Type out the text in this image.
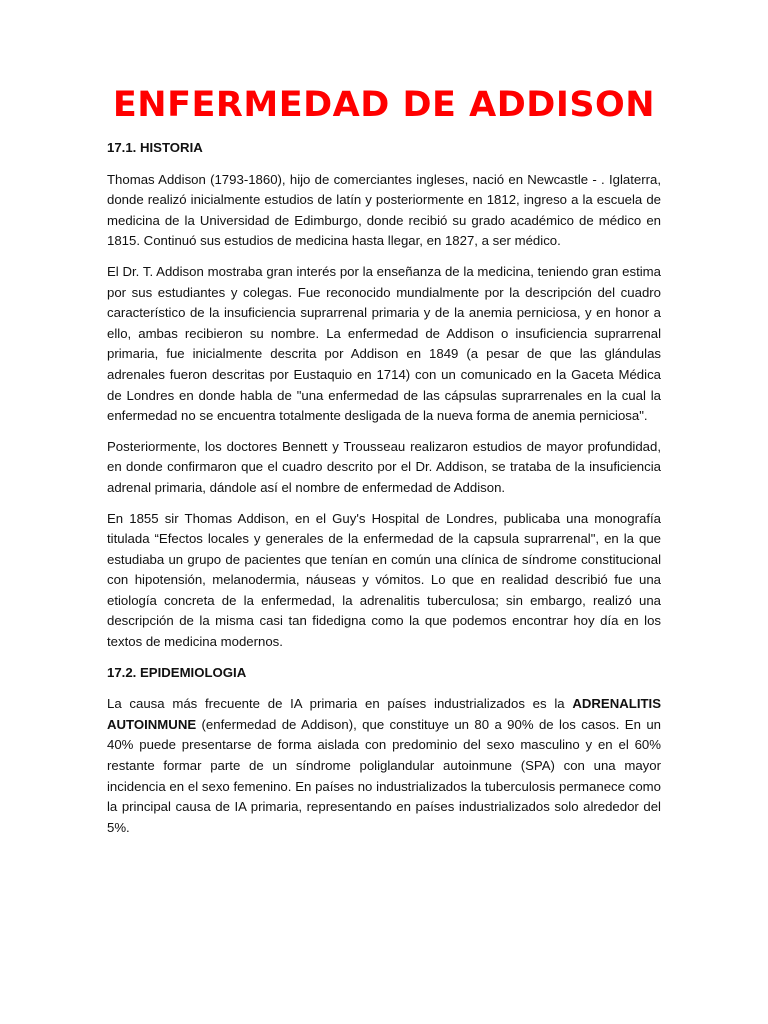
ENFERMEDAD DE ADDISON
17.1. HISTORIA

Thomas Addison (1793-1860), hijo de comerciantes ingleses, nació en Newcastle - . Iglaterra, donde realizó inicialmente estudios de latín y posteriormente en 1812, ingreso a la escuela de medicina de la Universidad de Edimburgo, donde recibió su grado académico de médico en 1815. Continuó sus estudios de medicina hasta llegar, en 1827, a ser médico.

El Dr. T. Addison mostraba gran interés por la enseñanza de la medicina, teniendo gran estima por sus estudiantes y colegas. Fue reconocido mundialmente por la descripción del cuadro característico de la insuficiencia suprarrenal primaria y de la anemia perniciosa, y en honor a ello, ambas recibieron su nombre. La enfermedad de Addison o insuficiencia suprarrenal primaria, fue inicialmente descrita por Addison en 1849 (a pesar de que las glándulas adrenales fueron descritas por Eustaquio en 1714) con un comunicado en la Gaceta Médica de Londres en donde habla de "una enfermedad de las cápsulas suprarrenales en la cual la enfermedad no se encuentra totalmente desligada de la nueva forma de anemia perniciosa".

Posteriormente, los doctores Bennett y Trousseau realizaron estudios de mayor profundidad, en donde confirmaron que el cuadro descrito por el Dr. Addison, se trataba de la insuficiencia adrenal primaria, dándole así el nombre de enfermedad de Addison.

En 1855 sir Thomas Addison, en el Guy's Hospital de Londres, publicaba una monografía titulada “Efectos locales y generales de la enfermedad de la capsula suprarrenal", en la que estudiaba un grupo de pacientes que tenían en común una clínica de síndrome constitucional con hipotensión, melanodermia, náuseas y vómitos. Lo que en realidad describió fue una etiología concreta de la enfermedad, la adrenalitis tuberculosa; sin embargo, realizó una descripción de la misma casi tan fidedigna como la que podemos encontrar hoy día en los textos de medicina modernos.

17.2. EPIDEMIOLOGIA

La causa más frecuente de IA primaria en países industrializados es la ADRENALITIS AUTOINMUNE (enfermedad de Addison), que constituye un 80 a 90% de los casos. En un 40% puede presentarse de forma aislada con predominio del sexo masculino y en el 60% restante formar parte de un síndrome poliglandular autoinmune (SPA) con una mayor incidencia en el sexo femenino. En países no industrializados la tuberculosis permanece como la principal causa de IA primaria, representando en países industrializados solo alrededor del 5%.
